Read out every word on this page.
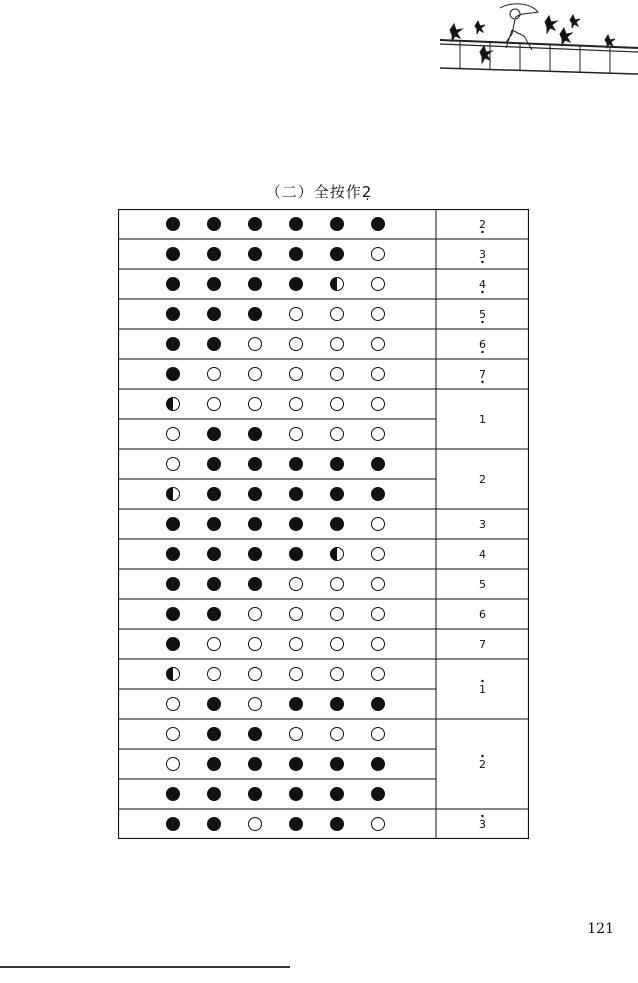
（二）全按作2̣
2
3
4
5
6
7
1
2
3
4
5
6
7
1
2
3
121
